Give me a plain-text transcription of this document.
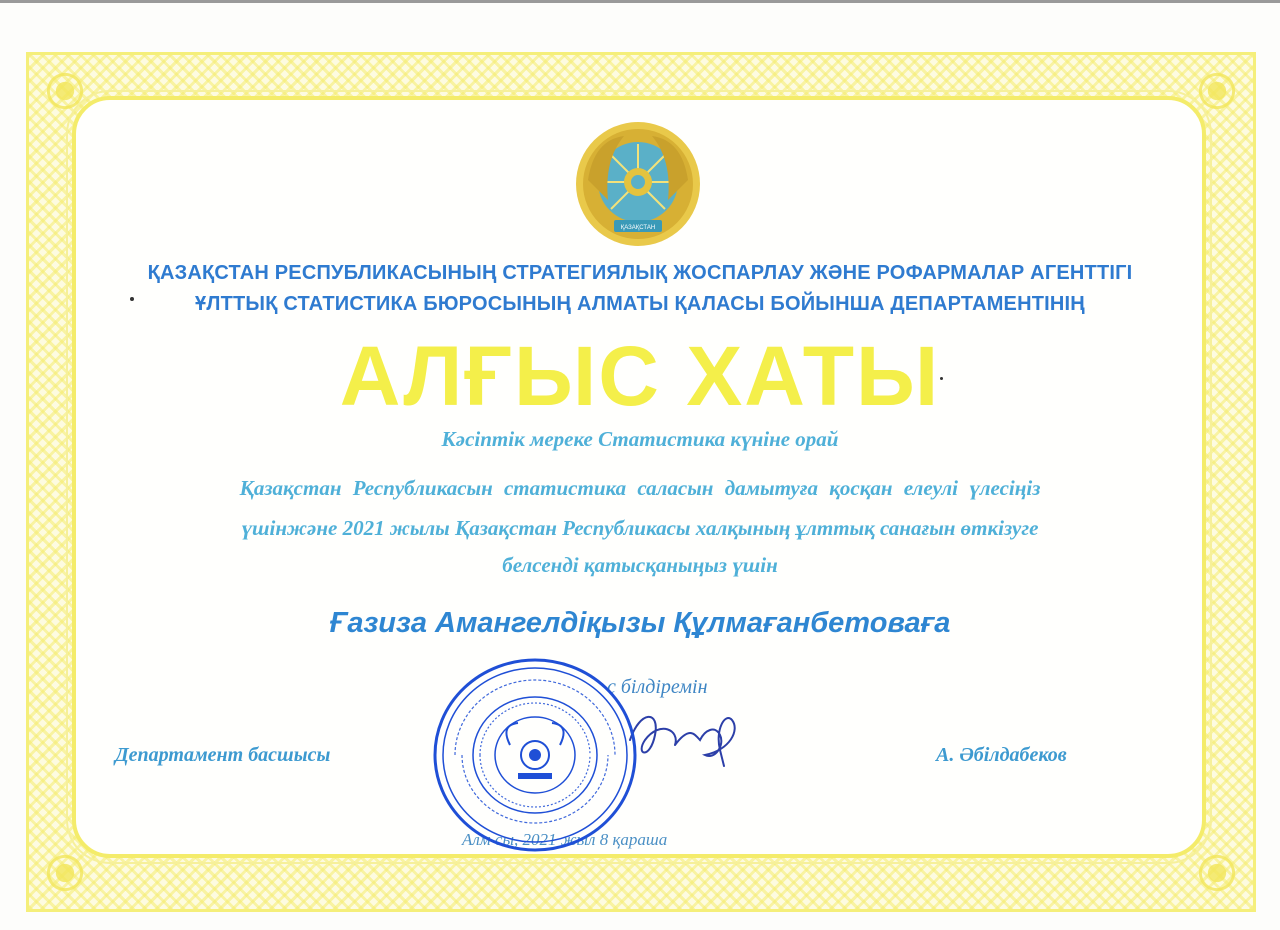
ҚАЗАҚСТАН
ҚАЗАҚСТАН РЕСПУБЛИКАСЫНЫҢ СТРАТЕГИЯЛЫҚ ЖОСПАРЛАУ ЖӘНЕ РОФАРМАЛАР АГЕНТТІГІ
ҰЛТТЫҚ СТАТИСТИКА БЮРОСЫНЫҢ АЛМАТЫ ҚАЛАСЫ БОЙЫНША ДЕПАРТАМЕНТІНІҢ
АЛҒЫС ХАТЫ
Кәсіптік мереке Статистика күніне орай
Қазақстан Республикасын статистика саласын дамытуға қосқан елеулі үлесіңіз
үшінжәне 2021 жылы Қазақстан Республикасы халқының ұлттық санағын өткізуге
белсенді қатысқаныңыз үшін
Ғазиза Амангелдіқызы Құлмағанбетоваға
с білдіремін
Департамент басшысы	А. Әбілдабеков
Алм сы, 2021 жыл 8 қараша
